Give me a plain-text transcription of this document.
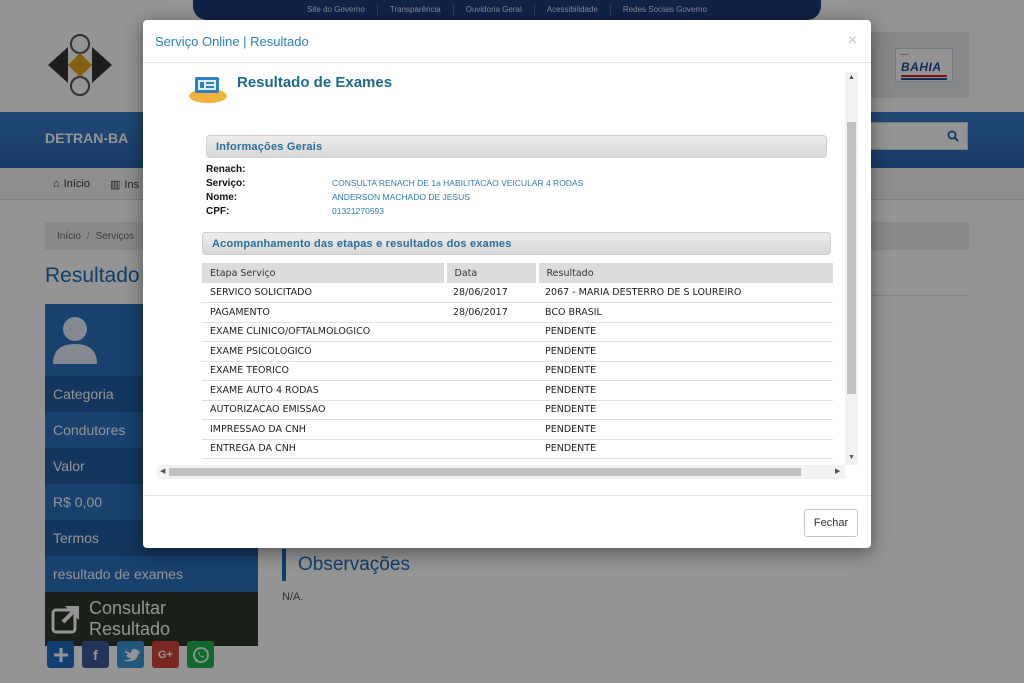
Site do Governo	Transparência	Ouvidoria Geral	Acessibilidade	Redes Sociais Governo
▪▪▪▪▪
BAHIA
DETRAN-BA
⌂ Início ▥ Ins
Início / Serviços
Resultado
Categoria
Condutores
Valor
R$ 0,00
Termos
resultado de exames
Consultar Resultado
f	G+
Observações
N/A.
Serviço Online | Resultado	×
Resultado de Exames
Informações Gerais
Renach:
Serviço:	CONSULTA RENACH DE 1a HABILITACAO VEICULAR 4 RODAS
Nome:	ANDERSON MACHADO DE JESUS
CPF:	01321270593
Acompanhamento das etapas e resultados dos exames
Etapa Serviço	Data	Resultado
SERVICO SOLICITADO	28/06/2017	2067 - MARIA DESTERRO DE S LOUREIRO
PAGAMENTO	28/06/2017	BCO BRASIL
EXAME CLINICO/OFTALMOLOGICO		PENDENTE
EXAME PSICOLOGICO		PENDENTE
EXAME TEORICO		PENDENTE
EXAME AUTO 4 RODAS		PENDENTE
AUTORIZACAO EMISSAO		PENDENTE
IMPRESSAO DA CNH		PENDENTE
ENTREGA DA CNH		PENDENTE
▲
▼
◀	▶
Fechar
